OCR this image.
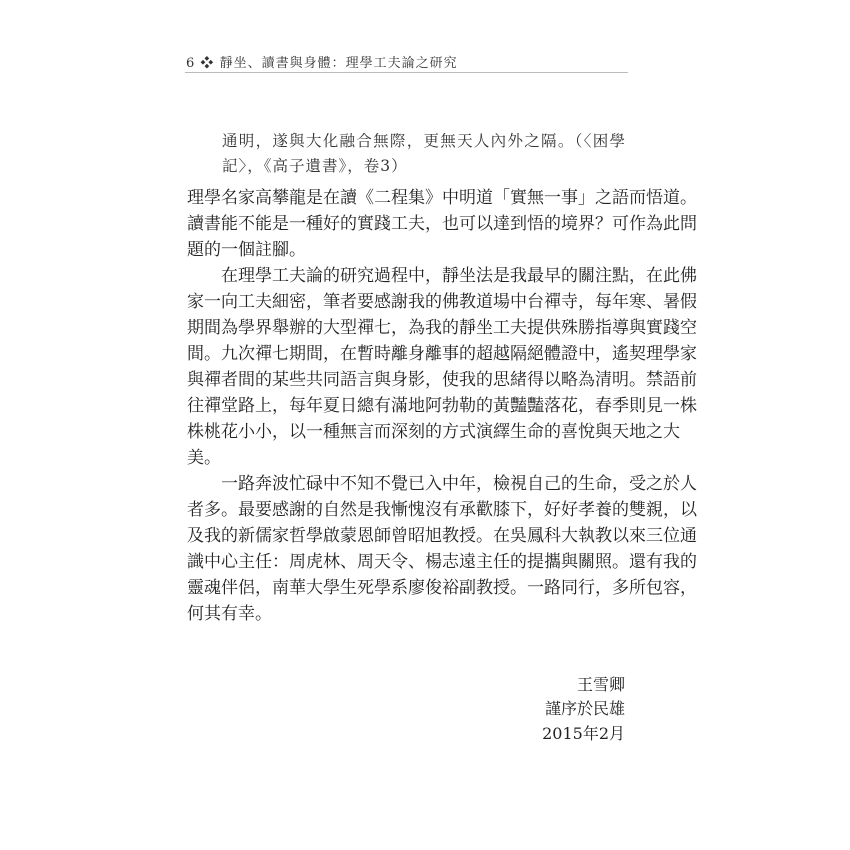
6 ❖ 靜坐、讀書與身體：理學工夫論之研究
通明，遂與大化融合無際，更無天人內外之隔。（〈困學
記〉，《高子遺書》，卷3）
理學名家高攀龍是在讀《二程集》中明道「實無一事」之語而悟道。
讀書能不能是一種好的實踐工夫，也可以達到悟的境界？可作為此問
題的一個註腳。
在理學工夫論的研究過程中，靜坐法是我最早的關注點，在此佛
家一向工夫細密，筆者要感謝我的佛教道場中台禪寺，每年寒、暑假
期間為學界舉辦的大型禪七，為我的靜坐工夫提供殊勝指導與實踐空
間。九次禪七期間，在暫時離身離事的超越隔絕體證中，遙契理學家
與禪者間的某些共同語言與身影，使我的思緒得以略為清明。禁語前
往禪堂路上，每年夏日總有滿地阿勃勒的黃豔豔落花，春季則見一株
株桃花小小，以一種無言而深刻的方式演繹生命的喜悅與天地之大
美。
一路奔波忙碌中不知不覺已入中年，檢視自己的生命，受之於人
者多。最要感謝的自然是我慚愧沒有承歡膝下，好好孝養的雙親，以
及我的新儒家哲學啟蒙恩師曾昭旭教授。在吳鳳科大執教以來三位通
識中心主任：周虎林、周天令、楊志遠主任的提攜與關照。還有我的
靈魂伴侶，南華大學生死學系廖俊裕副教授。一路同行，多所包容，
何其有幸。
王雪卿
謹序於民雄
2015年2月
